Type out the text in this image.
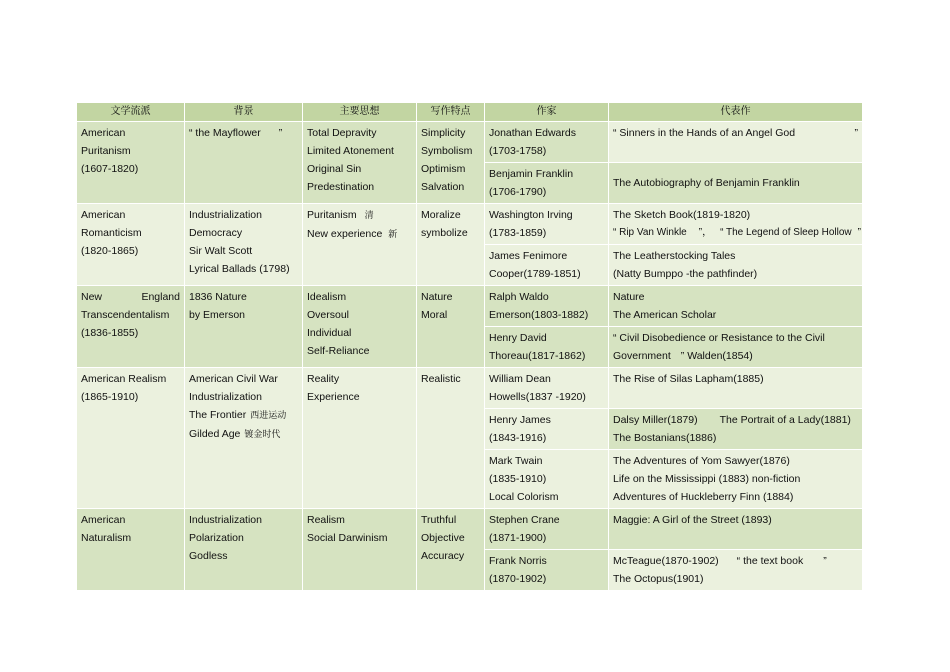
文学流派	背景	主要思想	写作特点	作家	代表作

American
Puritanism
(1607-1820)	“ the Mayflower ”	Total Depravity
Limited Atonement
Original Sin
Predestination	Simplicity
Symbolism
Optimism
Salvation	Jonathan Edwards
(1703-1758)	“ Sinners in the Hands of an Angel God ”

				Benjamin Franklin
(1706-1790)	The Autobiography of Benjamin Franklin

American
Romanticism
(1820-1865)	Industrialization
Democracy
Sir Walt Scott
Lyrical Ballads (1798)	Puritanism 清
New experience 新	Moralize
symbolize	Washington Irving
(1783-1859)	The Sketch Book(1819-1820)
“ Rip Van Winkle ”， “ The Legend of Sleep Hollow ”

				James Fenimore
Cooper(1789-1851)	The Leatherstocking Tales
(Natty Bumppo -the pathfinder)

New England
Transcendentalism
(1836-1855)	1836 Nature
by Emerson	Idealism
Oversoul
Individual
Self-Reliance	Nature
Moral	Ralph Waldo
Emerson(1803-1882)	Nature
The American Scholar

				Henry David
Thoreau(1817-1862)	“ Civil Disobedience or Resistance to the Civil
Government ” Walden(1854)

American Realism
(1865-1910)	American Civil War
Industrialization
The Frontier 西进运动
Gilded Age 镀金时代	Reality
Experience	Realistic	William Dean
Howells(1837 -1920)	The Rise of Silas Lapham(1885)

				Henry James
(1843-1916)	Dalsy Miller(1879) The Portrait of a Lady(1881)
The Bostanians(1886)

				Mark Twain
(1835-1910)
Local Colorism	The Adventures of Yom Sawyer(1876)
Life on the Mississippi (1883) non-fiction
Adventures of Huckleberry Finn (1884)

American
Naturalism	Industrialization
Polarization
Godless	Realism
Social Darwinism	Truthful
Objective
Accuracy	Stephen Crane
(1871-1900)	Maggie: A Girl of the Street (1893)

				Frank Norris
(1870-1902)	McTeague(1870-1902) “ the text book ”
The Octopus(1901)
